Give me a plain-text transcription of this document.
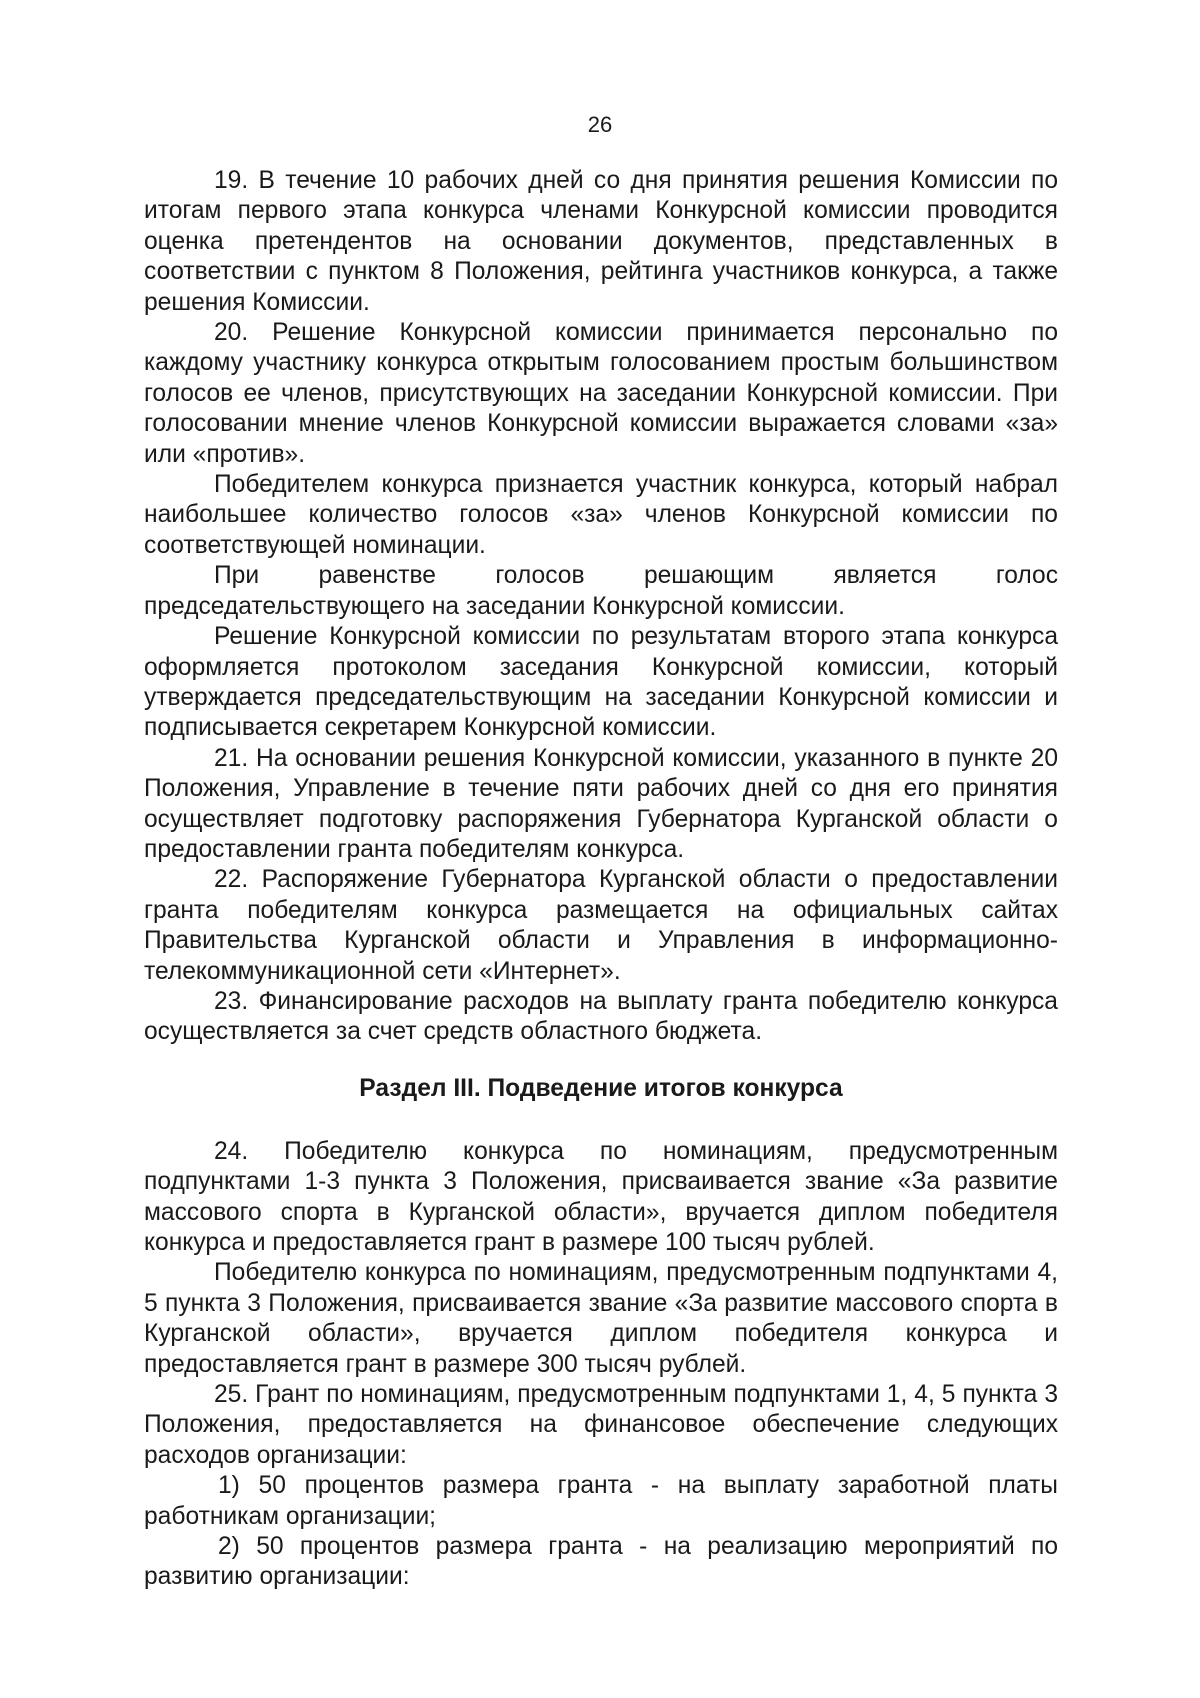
26

19. В течение 10 рабочих дней со дня принятия решения Комиссии по итогам первого этапа конкурса членами Конкурсной комиссии проводится оценка претендентов на основании документов, представленных в соответствии с пунктом 8 Положения, рейтинга участников конкурса, а также решения Комиссии.

20. Решение Конкурсной комиссии принимается персонально по каждому участнику конкурса открытым голосованием простым большинством голосов ее членов, присутствующих на заседании Конкурсной комиссии. При голосовании мнение членов Конкурсной комиссии выражается словами «за» или «против».

Победителем конкурса признается участник конкурса, который набрал наибольшее количество голосов «за» членов Конкурсной комиссии по соответствующей номинации.

При равенстве голосов решающим является голос председательствующего на заседании Конкурсной комиссии.

Решение Конкурсной комиссии по результатам второго этапа конкурса оформляется протоколом заседания Конкурсной комиссии, который утверждается председательствующим на заседании Конкурсной комиссии и подписывается секретарем Конкурсной комиссии.

21. На основании решения Конкурсной комиссии, указанного в пункте 20 Положения, Управление в течение пяти рабочих дней со дня его принятия осуществляет подготовку распоряжения Губернатора Курганской области о предоставлении гранта победителям конкурса.

22. Распоряжение Губернатора Курганской области о предоставлении гранта победителям конкурса размещается на официальных сайтах Правительства Курганской области и Управления в информационно-телекоммуникационной сети «Интернет».

23. Финансирование расходов на выплату гранта победителю конкурса осуществляется за счет средств областного бюджета.

Раздел III. Подведение итогов конкурса

24. Победителю конкурса по номинациям, предусмотренным подпунктами 1-3 пункта 3 Положения, присваивается звание «За развитие массового спорта в Курганской области», вручается диплом победителя конкурса и предоставляется грант в размере 100 тысяч рублей.

Победителю конкурса по номинациям, предусмотренным подпунктами 4, 5 пункта 3 Положения, присваивается звание «За развитие массового спорта в Курганской области», вручается диплом победителя конкурса и предоставляется грант в размере 300 тысяч рублей.

25. Грант по номинациям, предусмотренным подпунктами 1, 4, 5 пункта 3 Положения, предоставляется на финансовое обеспечение следующих расходов организации:

1) 50 процентов размера гранта - на выплату заработной платы работникам организации;

2) 50 процентов размера гранта - на реализацию мероприятий по развитию организации:
